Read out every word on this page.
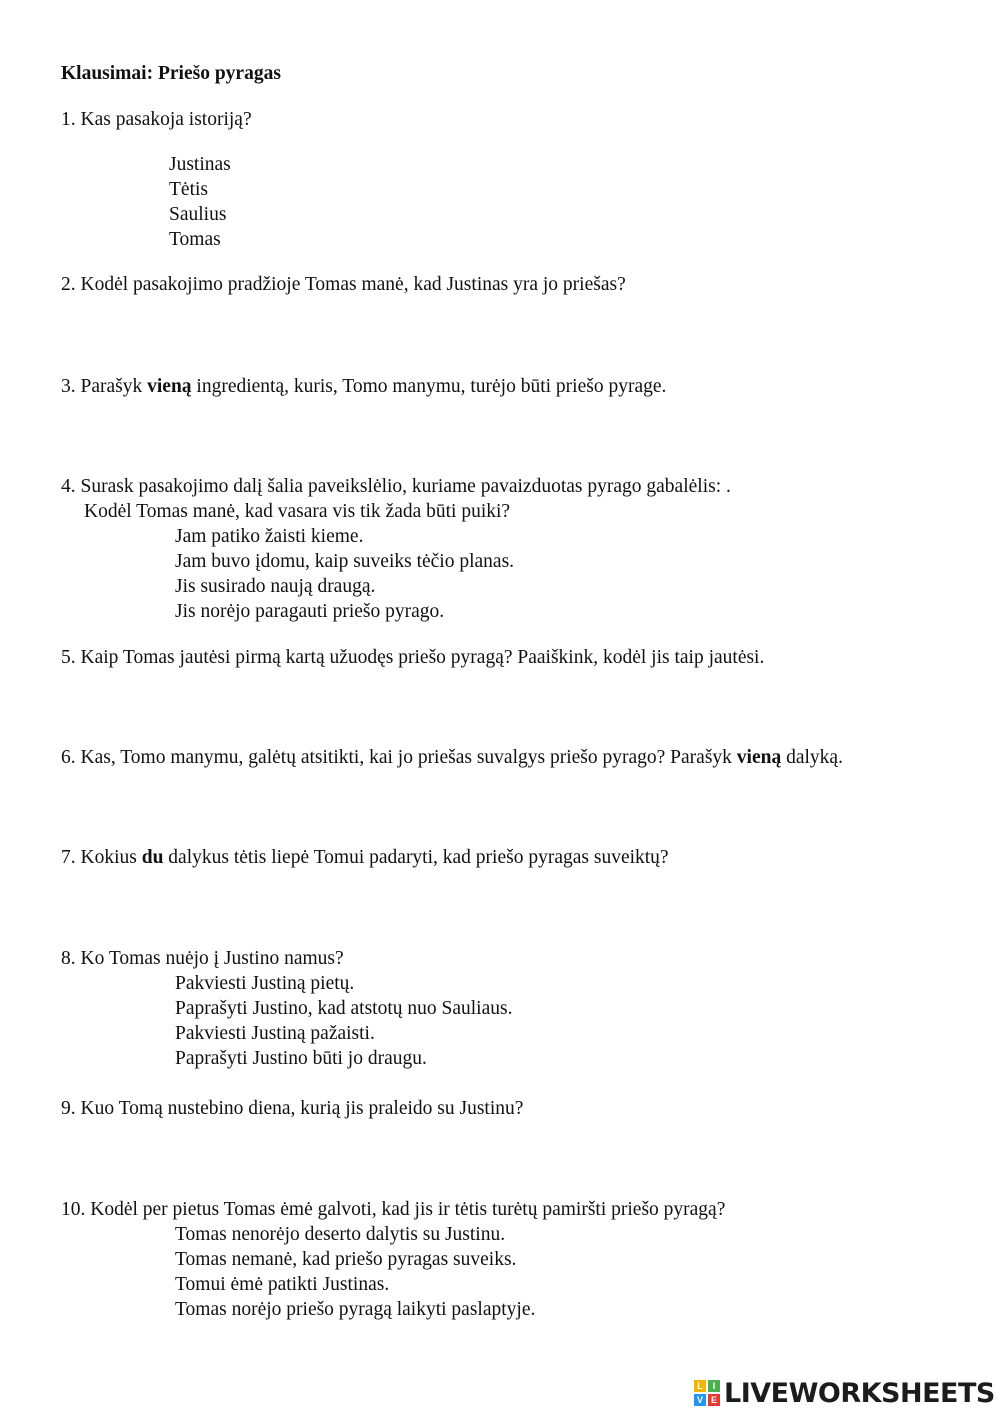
Klausimai: Priešo pyragas
1. Kas pasakoja istoriją?
Justinas
Tėtis
Saulius
Tomas
2. Kodėl pasakojimo pradžioje Tomas manė, kad Justinas yra jo priešas?
3. Parašyk vieną ingredientą, kuris, Tomo manymu, turėjo būti priešo pyrage.
4. Surask pasakojimo dalį šalia paveikslėlio, kuriame pavaizduotas pyrago gabalėlis: .
Kodėl Tomas manė, kad vasara vis tik žada būti puiki?
Jam patiko žaisti kieme.
Jam buvo įdomu, kaip suveiks tėčio planas.
Jis susirado naują draugą.
Jis norėjo paragauti priešo pyrago.
5. Kaip Tomas jautėsi pirmą kartą užuodęs priešo pyragą? Paaiškink, kodėl jis taip jautėsi.
6. Kas, Tomo manymu, galėtų atsitikti, kai jo priešas suvalgys priešo pyrago? Parašyk vieną dalyką.
7. Kokius du dalykus tėtis liepė Tomui padaryti, kad priešo pyragas suveiktų?
8. Ko Tomas nuėjo į Justino namus?
Pakviesti Justiną pietų.
Paprašyti Justino, kad atstotų nuo Sauliaus.
Pakviesti Justiną pažaisti.
Paprašyti Justino būti jo draugu.
9. Kuo Tomą nustebino diena, kurią jis praleido su Justinu?
10. Kodėl per pietus Tomas ėmė galvoti, kad jis ir tėtis turėtų pamiršti priešo pyragą?
Tomas nenorėjo deserto dalytis su Justinu.
Tomas nemanė, kad priešo pyragas suveiks.
Tomui ėmė patikti Justinas.
Tomas norėjo priešo pyragą laikyti paslaptyje.
L	I
V E LIVEWORKSHEETS
